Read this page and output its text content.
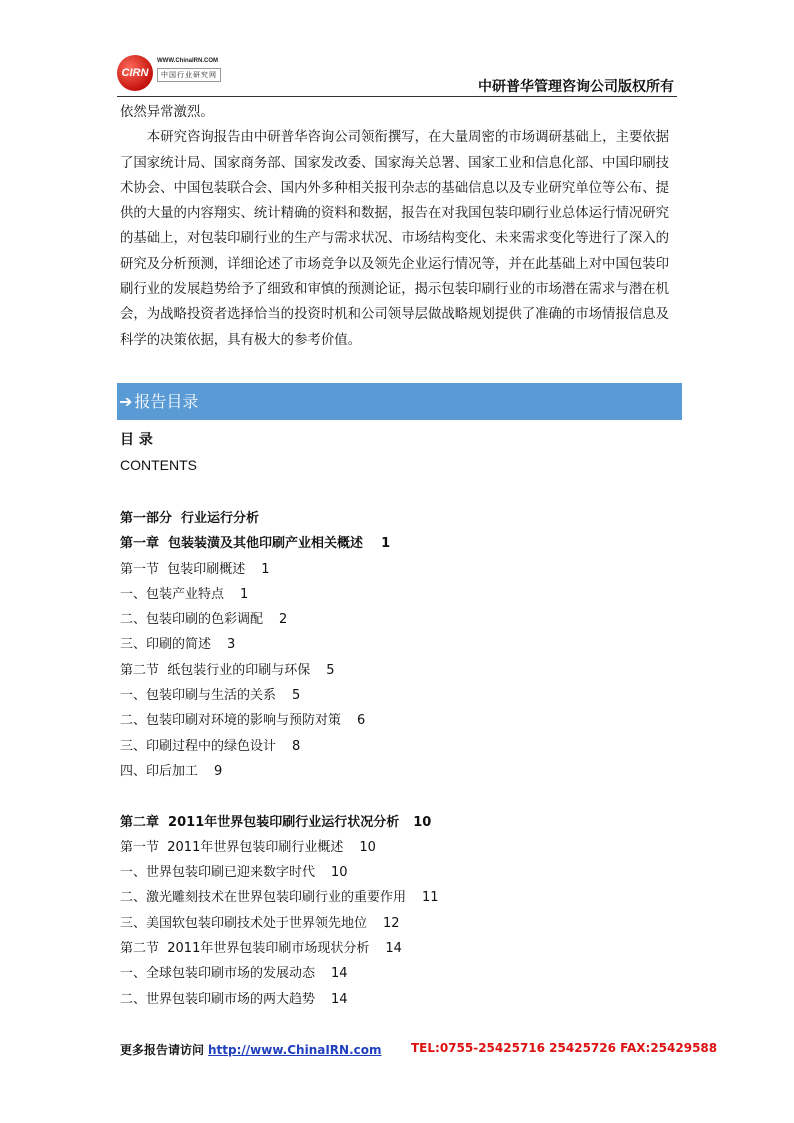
CIRN
WWW.ChinaIRN.COM
中国行业研究网
中研普华管理咨询公司版权所有

依然异常激烈。

本研究咨询报告由中研普华咨询公司领衔撰写，在大量周密的市场调研基础上，主要依据了国家统计局、国家商务部、国家发改委、国家海关总署、国家工业和信息化部、中国印刷技术协会、中国包装联合会、国内外多种相关报刊杂志的基础信息以及专业研究单位等公布、提供的大量的内容翔实、统计精确的资料和数据，报告在对我国包装印刷行业总体运行情况研究的基础上，对包装印刷行业的生产与需求状况、市场结构变化、未来需求变化等进行了深入的研究及分析预测，详细论述了市场竞争以及领先企业运行情况等，并在此基础上对中国包装印刷行业的发展趋势给予了细致和审慎的预测论证，揭示包装印刷行业的市场潜在需求与潜在机会，为战略投资者选择恰当的投资时机和公司领导层做战略规划提供了准确的市场情报信息及科学的决策依据，具有极大的参考价值。

➔ 报告目录
目 录
CONTENTS
第一部分  行业运行分析
第一章  包装装潢及其他印刷产业相关概述 1
第一节  包装印刷概述 1
一、包装产业特点 1
二、包装印刷的色彩调配 2
三、印刷的简述 3
第二节  纸包装行业的印刷与环保 5
一、包装印刷与生活的关系 5
二、包装印刷对环境的影响与预防对策 6
三、印刷过程中的绿色设计 8
四、印后加工 9
第二章  2011年世界包装印刷行业运行状况分析 10
第一节  2011年世界包装印刷行业概述 10
一、世界包装印刷已迎来数字时代 10
二、激光雕刻技术在世界包装印刷行业的重要作用 11
三、美国软包装印刷技术处于世界领先地位 12
第二节  2011年世界包装印刷市场现状分析 14
一、全球包装印刷市场的发展动态 14
二、世界包装印刷市场的两大趋势 14
更多报告请访问 http://www.ChinaIRN.com TEL:0755-25425716 25425726 FAX:25429588
